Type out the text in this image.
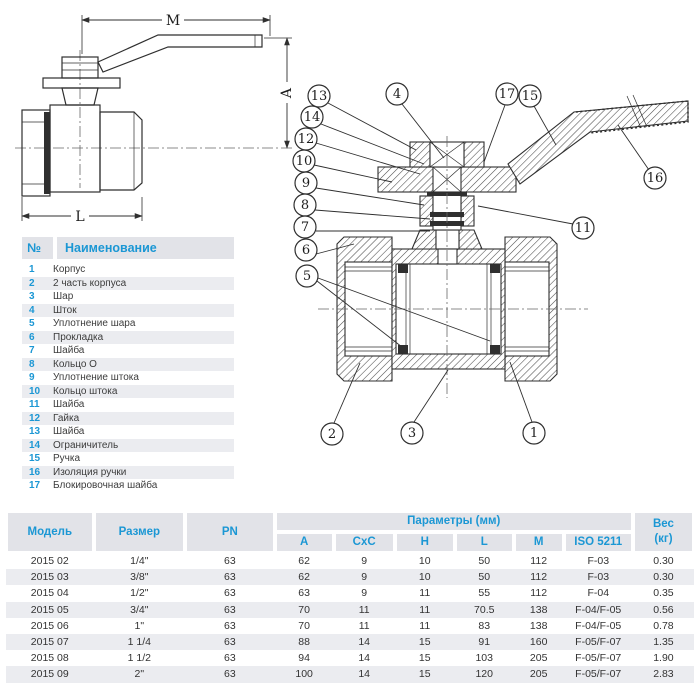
M
A
L
13
14
12
10
9
8
7
6
5
4	17 15
16
11
2	3	1
№	Наименование
1	Корпус
2	2 часть корпуса
3	Шар
4	Шток
5	Уплотнение шара
6	Прокладка
7	Шайба
8	Кольцо О
9	Уплотнение штока
10	Кольцо штока
11	Шайба
12	Гайка
13	Шайба
14	Ограничитель
15	Ручка
16	Изоляция ручки
17	Блокировочная шайба
Модель	Размер	PN	Параметры (мм)						Вес
(кг)

			A	CxC	H	L	M	ISO 5211	
2015 02	1/4"	63	62	9	10	50	112	F-03	0.30
2015 03	3/8"	63	62	9	10	50	112	F-03	0.30
2015 04	1/2"	63	63	9	11	55	112	F-04	0.35
2015 05	3/4"	63	70	11	11	70.5	138	F-04/F-05	0.56
2015 06	1"	63	70	11	11	83	138	F-04/F-05	0.78
2015 07	1 1/4	63	88	14	15	91	160	F-05/F-07	1.35
2015 08	1 1/2	63	94	14	15	103	205	F-05/F-07	1.90
2015 09	2"	63	100	14	15	120	205	F-05/F-07	2.83
